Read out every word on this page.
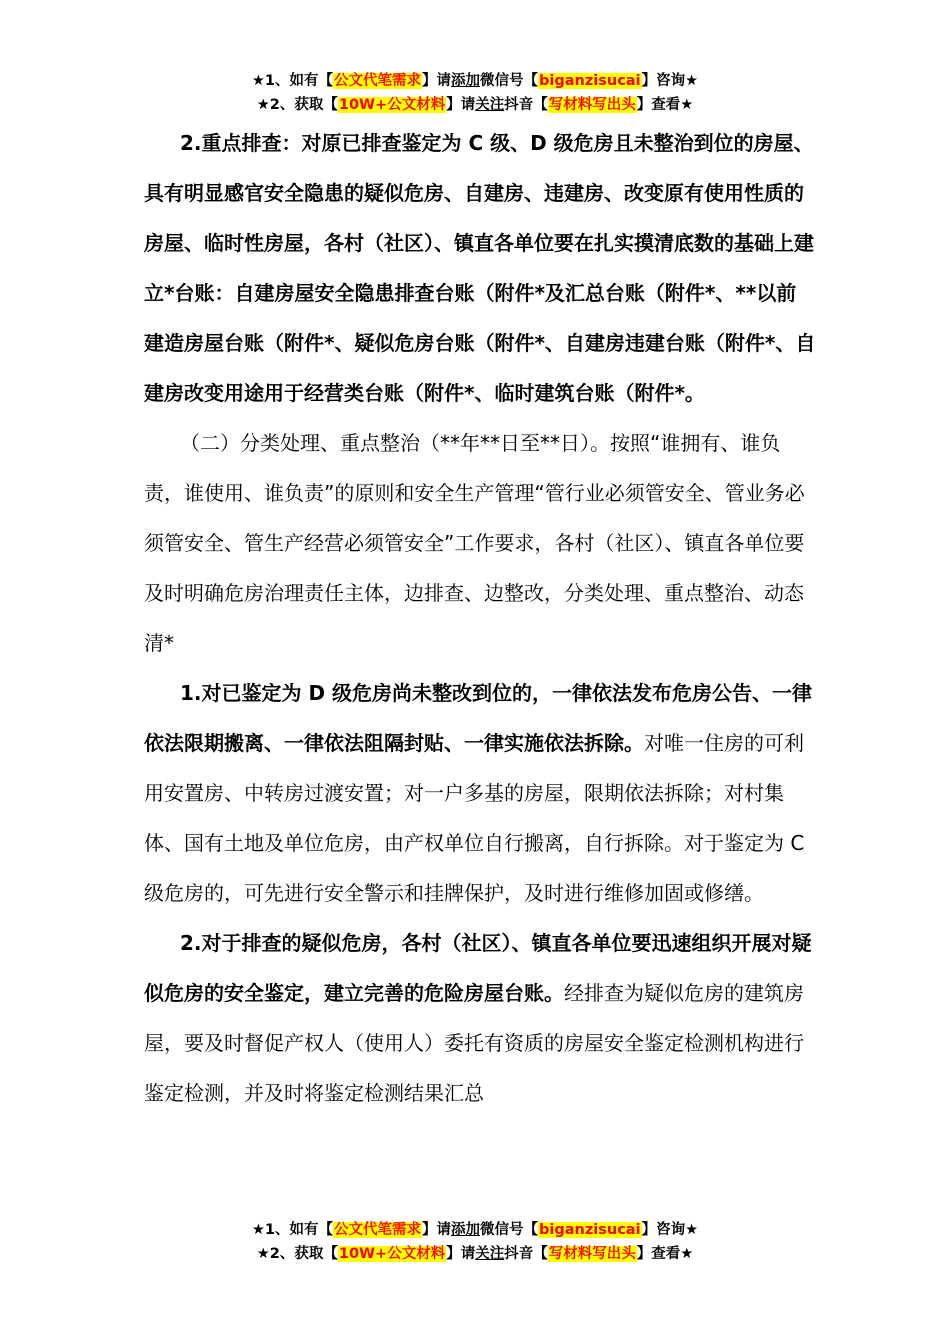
★1、如有【公文代笔需求】请添加微信号【biganzisucai】咨询★
★2、获取【10W+公文材料】请关注抖音【写材料写出头】查看★

2.重点排查：对原已排查鉴定为 C 级、D 级危房且未整治到位的房屋、具有明显感官安全隐患的疑似危房、自建房、违建房、改变原有使用性质的房屋、临时性房屋，各村（社区）、镇直各单位要在扎实摸清底数的基础上建立*台账：自建房屋安全隐患排查台账（附件*及汇总台账（附件*、**以前建造房屋台账（附件*、疑似危房台账（附件*、自建房违建台账（附件*、自建房改变用途用于经营类台账（附件*、临时建筑台账（附件*。

（二）分类处理、重点整治（**年**日至**日）。按照“谁拥有、谁负责，谁使用、谁负责”的原则和安全生产管理“管行业必须管安全、管业务必须管安全、管生产经营必须管安全”工作要求，各村（社区）、镇直各单位要及时明确危房治理责任主体，边排查、边整改，分类处理、重点整治、动态清*

1.对已鉴定为 D 级危房尚未整改到位的，一律依法发布危房公告、一律依法限期搬离、一律依法阻隔封贴、一律实施依法拆除。对唯一住房的可利用安置房、中转房过渡安置；对一户多基的房屋，限期依法拆除；对村集体、国有土地及单位危房，由产权单位自行搬离，自行拆除。对于鉴定为 C 级危房的，可先进行安全警示和挂牌保护，及时进行维修加固或修缮。

2.对于排查的疑似危房，各村（社区）、镇直各单位要迅速组织开展对疑似危房的安全鉴定，建立完善的危险房屋台账。经排查为疑似危房的建筑房屋，要及时督促产权人（使用人）委托有资质的房屋安全鉴定检测机构进行鉴定检测，并及时将鉴定检测结果汇总

★1、如有【公文代笔需求】请添加微信号【biganzisucai】咨询★
★2、获取【10W+公文材料】请关注抖音【写材料写出头】查看★
